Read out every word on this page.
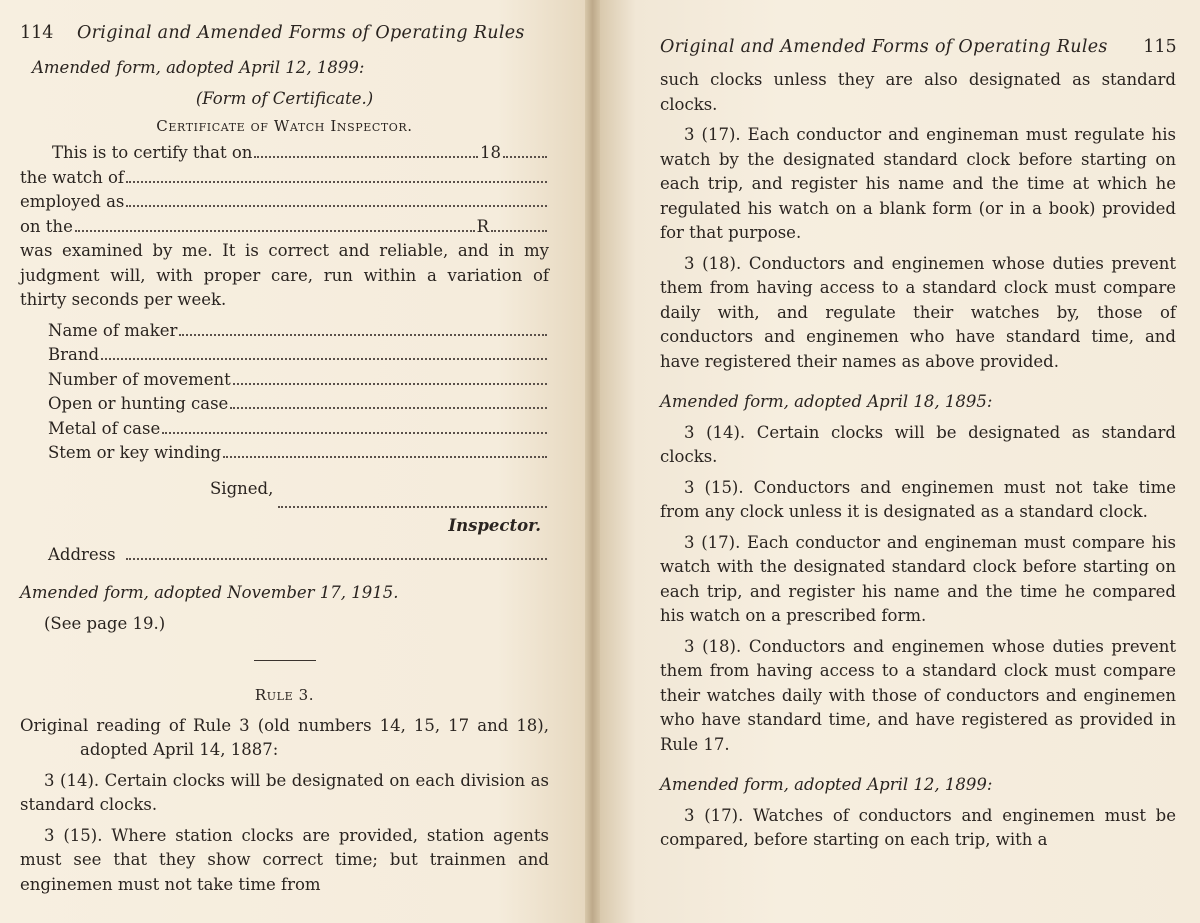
114 Original and Amended Forms of Operating Rules
Amended form, adopted April 12, 1899:
(Form of Certificate.)
Certificate of Watch Inspector.
This is to certify that on	18
the watch of
employed as
on the	R
was examined by me. It is correct and reliable, and in my judgment will, with proper care, run within a variation of thirty seconds per week.
Name of maker
Brand
Number of movement
Open or hunting case
Metal of case
Stem or key winding
Signed,
Inspector.
Address
Amended form, adopted November 17, 1915.
(See page 19.)
Rule 3.
Original reading of Rule 3 (old numbers 14, 15, 17 and 18), adopted April 14, 1887:
3 (14). Certain clocks will be designated on each division as standard clocks.
3 (15). Where station clocks are provided, station agents must see that they show correct time; but trainmen and enginemen must not take time from
Original and Amended Forms of Operating Rules 115
such clocks unless they are also designated as standard clocks.
3 (17). Each conductor and engineman must regulate his watch by the designated standard clock before starting on each trip, and register his name and the time at which he regulated his watch on a blank form (or in a book) provided for that purpose.
3 (18). Conductors and enginemen whose duties prevent them from having access to a standard clock must compare daily with, and regulate their watches by, those of conductors and enginemen who have standard time, and have registered their names as above provided.
Amended form, adopted April 18, 1895:
3 (14). Certain clocks will be designated as standard clocks.
3 (15). Conductors and enginemen must not take time from any clock unless it is designated as a standard clock.
3 (17). Each conductor and engineman must compare his watch with the designated standard clock before starting on each trip, and register his name and the time he compared his watch on a prescribed form.
3 (18). Conductors and enginemen whose duties prevent them from having access to a standard clock must compare their watches daily with those of conductors and enginemen who have standard time, and have registered as provided in Rule 17.
Amended form, adopted April 12, 1899:
3 (17). Watches of conductors and enginemen must be compared, before starting on each trip, with a
